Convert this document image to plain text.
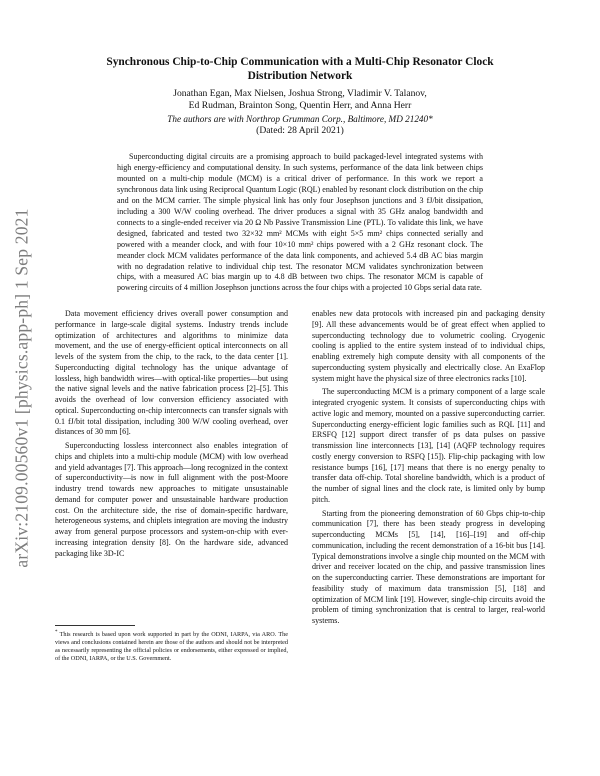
arXiv:2109.00560v1 [physics.app-ph] 1 Sep 2021
Synchronous Chip-to-Chip Communication with a Multi-Chip Resonator Clock Distribution Network
Jonathan Egan, Max Nielsen, Joshua Strong, Vladimir V. Talanov,
Ed Rudman, Brainton Song, Quentin Herr, and Anna Herr
The authors are with Northrop Grumman Corp., Baltimore, MD 21240*
(Dated: 28 April 2021)

Superconducting digital circuits are a promising approach to build packaged-level integrated systems with high energy-efficiency and computational density. In such systems, performance of the data link between chips mounted on a multi-chip module (MCM) is a critical driver of performance. In this work we report a synchronous data link using Reciprocal Quantum Logic (RQL) enabled by resonant clock distribution on the chip and on the MCM carrier. The simple physical link has only four Josephson junctions and 3 fJ/bit dissipation, including a 300 W/W cooling overhead. The driver produces a signal with 35 GHz analog bandwidth and connects to a single-ended receiver via 20 Ω Nb Passive Transmission Line (PTL). To validate this link, we have designed, fabricated and tested two 32×32 mm² MCMs with eight 5×5 mm² chips connected serially and powered with a meander clock, and with four 10×10 mm² chips powered with a 2 GHz resonant clock. The meander clock MCM validates performance of the data link components, and achieved 5.4 dB AC bias margin with no degradation relative to individual chip test. The resonator MCM validates synchronization between chips, with a measured AC bias margin up to 4.8 dB between two chips. The resonator MCM is capable of powering circuits of 4 million Josephson junctions across the four chips with a projected 10 Gbps serial data rate.

Data movement efficiency drives overall power consumption and performance in large-scale digital systems. Industry trends include optimization of architectures and algorithms to minimize data movement, and the use of energy-efficient optical interconnects on all levels of the system from the chip, to the rack, to the data center [1]. Superconducting digital technology has the unique advantage of lossless, high bandwidth wires—with optical-like properties—but using the native signal levels and the native fabrication process [2]–[5]. This avoids the overhead of low conversion efficiency associated with optical. Superconducting on-chip interconnects can transfer signals with 0.1 fJ/bit total dissipation, including 300 W/W cooling overhead, over distances of 30 mm [6].

Superconducting lossless interconnect also enables integration of chips and chiplets into a multi-chip module (MCM) with low overhead and yield advantages [7]. This approach—long recognized in the context of superconductivity—is now in full alignment with the post-Moore industry trend towards new approaches to mitigate unsustainable demand for computer power and unsustainable hardware production cost. On the architecture side, the rise of domain-specific hardware, heterogeneous systems, and chiplets integration are moving the industry away from general purpose processors and system-on-chip with ever-increasing integration density [8]. On the hardware side, advanced packaging like 3D-IC

enables new data protocols with increased pin and packaging density [9]. All these advancements would be of great effect when applied to superconducting technology due to volumetric cooling. Cryogenic cooling is applied to the entire system instead of to individual chips, enabling extremely high compute density with all components of the superconducting system physically and electrically close. An ExaFlop system might have the physical size of three electronics racks [10].

The superconducting MCM is a primary component of a large scale integrated cryogenic system. It consists of superconducting chips with active logic and memory, mounted on a passive superconducting carrier. Superconducting energy-efficient logic families such as RQL [11] and ERSFQ [12] support direct transfer of ps data pulses on passive transmission line interconnects [13], [14] (AQFP technology requires costly energy conversion to RSFQ [15]). Flip-chip packaging with low resistance bumps [16], [17] means that there is no energy penalty to transfer data off-chip. Total shoreline bandwidth, which is a product of the number of signal lines and the clock rate, is limited only by bump pitch.

Starting from the pioneering demonstration of 60 Gbps chip-to-chip communication [7], there has been steady progress in developing superconducting MCMs [5], [14], [16]–[19] and off-chip communication, including the recent demonstration of a 16-bit bus [14]. Typical demonstrations involve a single chip mounted on the MCM with driver and receiver located on the chip, and passive transmission lines on the superconducting carrier. These demonstrations are important for feasibility study of maximum data transmission [5], [18] and optimization of MCM link [19]. However, single-chip circuits avoid the problem of timing synchronization that is central to larger, real-world systems.

* This research is based upon work supported in part by the ODNI, IARPA, via ARO. The views and conclusions contained herein are those of the authors and should not be interpreted as necessarily representing the official policies or endorsements, either expressed or implied, of the ODNI, IARPA, or the U.S. Government.
